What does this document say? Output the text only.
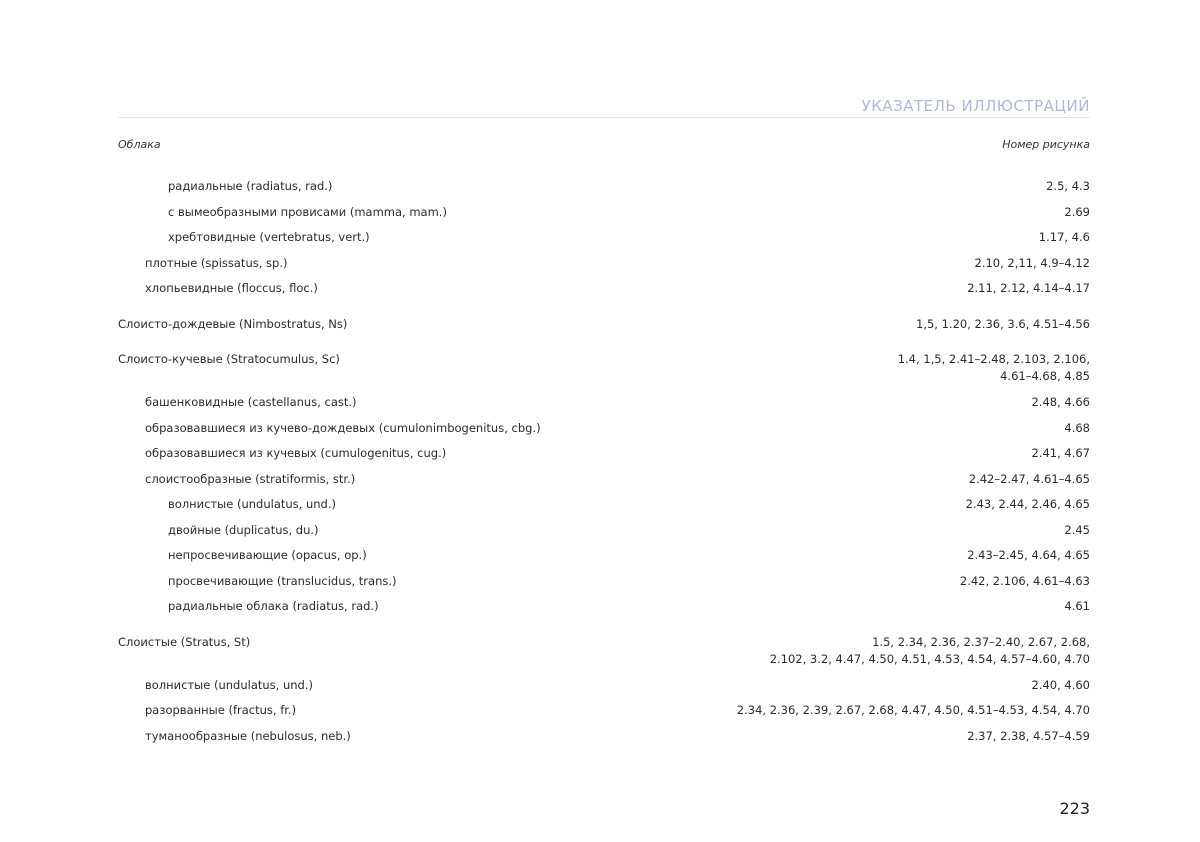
УКАЗАТЕЛЬ ИЛЛЮСТРАЦИЙ
Облака	Номер рисунка
радиальные (radiatus, rad.)	2.5, 4.3
с вымеобразными провисами (mamma, mam.)	2.69
хребтовидные (vertebratus, vert.)	1.17, 4.6
плотные (spissatus, sp.)	2.10, 2,11, 4.9–4.12
хлопьевидные (floccus, floc.)	2.11, 2.12, 4.14–4.17
Слоисто-дождевые (Nimbostratus, Ns)	1,5, 1.20, 2.36, 3.6, 4.51–4.56
Слоисто-кучевые (Stratocumulus, Sc)	1.4, 1,5, 2.41–2.48, 2.103, 2.106,
4.61–4.68, 4.85
башенковидные (castellanus, cast.)	2.48, 4.66
образовавшиеся из кучево-дождевых (cumulonimbogenitus, cbg.)	4.68
образовавшиеся из кучевых (cumulogenitus, cug.)	2.41, 4.67
слоистообразные (stratiformis, str.)	2.42–2.47, 4.61–4.65
волнистые (undulatus, und.)	2.43, 2.44, 2.46, 4.65
двойные (duplicatus, du.)	2.45
непросвечивающие (opacus, op.)	2.43–2.45, 4.64, 4.65
просвечивающие (translucidus, trans.)	2.42, 2.106, 4.61–4.63
радиальные облака (radiatus, rad.)	4.61
Слоистые (Stratus, St)	1.5, 2.34, 2.36, 2.37–2.40, 2.67, 2.68,
2.102, 3.2, 4.47, 4.50, 4.51, 4.53, 4.54, 4.57–4.60, 4.70
волнистые (undulatus, und.)	2.40, 4.60
разорванные (fractus, fr.)	2.34, 2.36, 2.39, 2.67, 2.68, 4.47, 4.50, 4.51–4.53, 4.54, 4.70
туманообразные (nebulosus, neb.)	2.37, 2.38, 4.57–4.59
223
